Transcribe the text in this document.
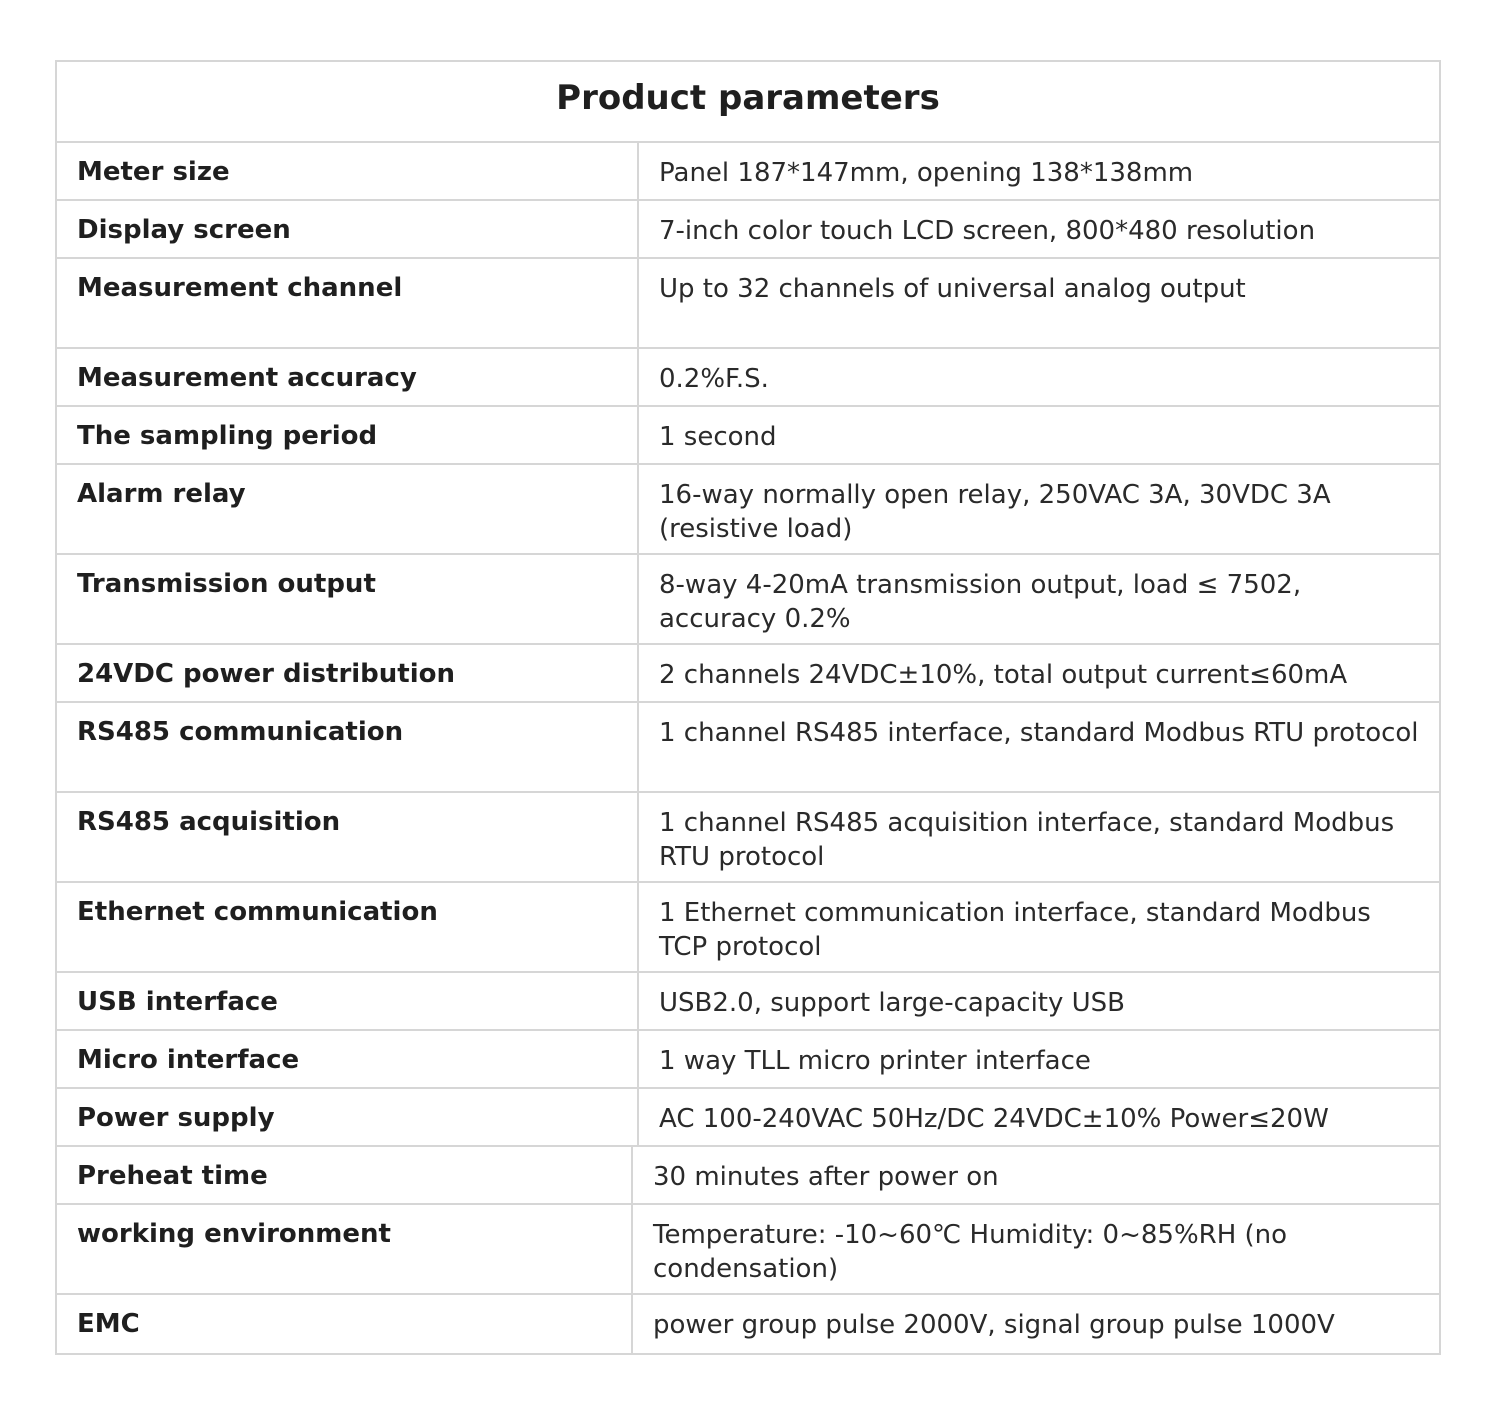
Product parameters
Meter size	Panel 187*147mm, opening 138*138mm
Display screen	7-inch color touch LCD screen, 800*480 resolution
Measurement channel	Up to 32 channels of universal analog output
Measurement accuracy	0.2%F.S.
The sampling period	1 second
Alarm relay	16-way normally open relay, 250VAC 3A, 30VDC 3A (resistive load)
Transmission output	8-way 4-20mA transmission output, load ≤ 7502, accuracy 0.2%
24VDC power distribution	2 channels 24VDC±10%, total output current≤60mA
RS485 communication	1 channel RS485 interface, standard Modbus RTU protocol
RS485 acquisition	1 channel RS485 acquisition interface, standard Modbus RTU protocol
Ethernet communication	1 Ethernet communication interface, standard Modbus TCP protocol
USB interface	USB2.0, support large-capacity USB
Micro interface	1 way TLL micro printer interface
Power supply	AC 100-240VAC 50Hz/DC 24VDC±10% Power≤20W
Preheat time	30 minutes after power on
working environment	Temperature: -10~60℃ Humidity: 0~85%RH (no condensation)
EMC	power group pulse 2000V, signal group pulse 1000V
